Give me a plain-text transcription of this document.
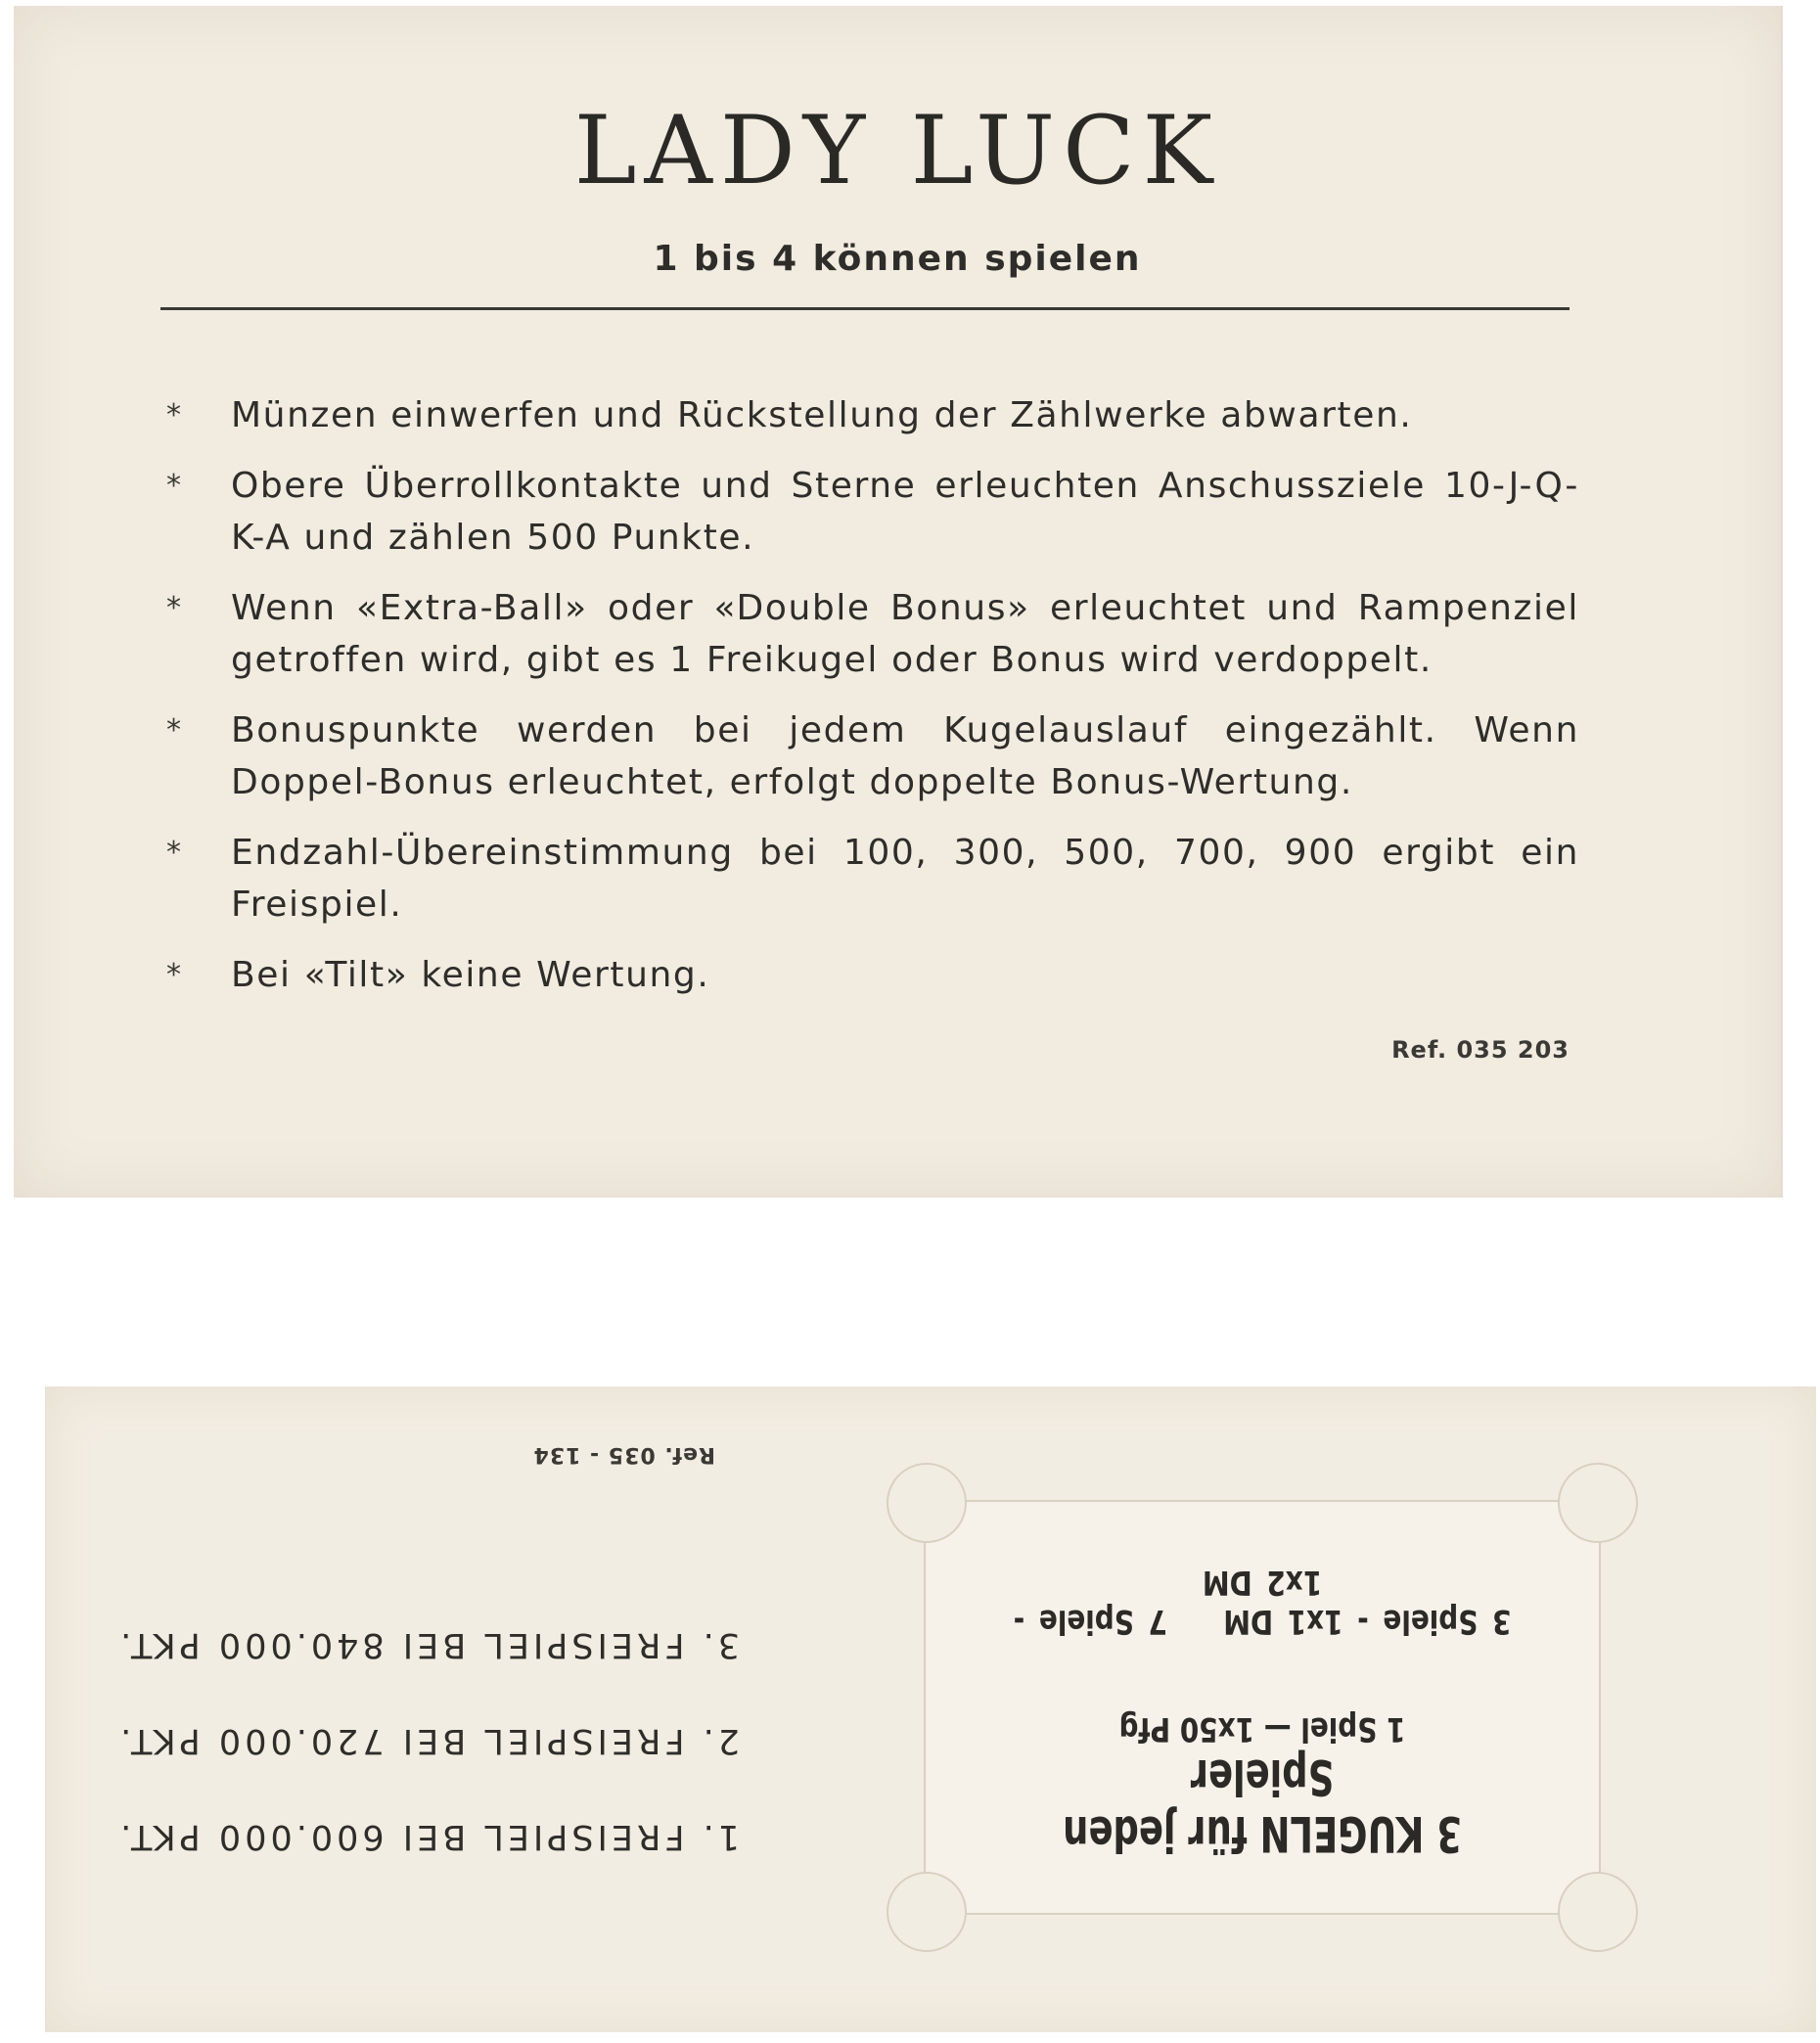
LADY LUCK
1 bis 4 können spielen
* Münzen einwerfen und Rückstellung der Zählwerke abwarten.
* Obere Überrollkontakte und Sterne erleuchten Anschussziele 10-J-Q-K-A und zählen 500 Punkte.
* Wenn «Extra-Ball» oder «Double Bonus» erleuchtet und Rampenziel getroffen wird, gibt es 1 Freikugel oder Bonus wird verdoppelt.
* Bonuspunkte werden bei jedem Kugelauslauf eingezählt. Wenn Doppel-Bonus erleuchtet, erfolgt doppelte Bonus-Wertung.
* Endzahl-Übereinstimmung bei 100, 300, 500, 700, 900 ergibt ein Freispiel.
* Bei «Tilt» keine Wertung.
Ref. 035 203
3 KUGELN für jeden Spieler
1 Spiel — 1x50 Pfg
3 Spiele - 1x1 DM7 Spiele - 1x2 DM
1. FREISPIEL BEI 600.000 PKT.
2. FREISPIEL BEI 720.000 PKT.
3. FREISPIEL BEI 840.000 PKT.
Ref. 035 - 134
